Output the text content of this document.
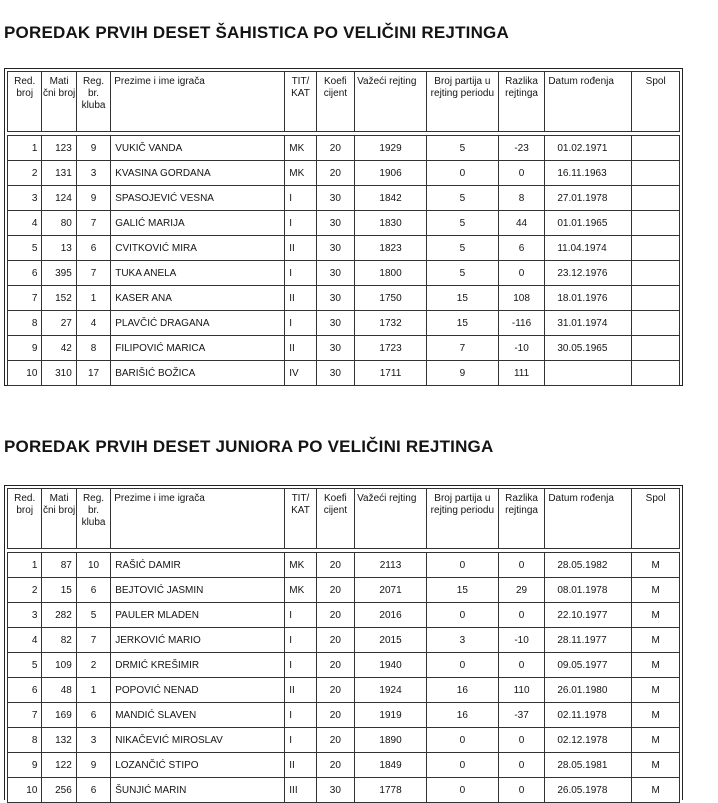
POREDAK PRVIH DESET ŠAHISTICA PO VELIČINI REJTINGA
Red. broj	Mati čni broj	Reg. br. kluba	Prezime i ime igrača	TIT/ KAT	Koefi cijent	Važeći rejting	Broj partija u rejting periodu	Razlika rejtinga	Datum rođenja	Spol

1	123	9	VUKIČ VANDA	MK	20	1929	5	-23	01.02.1971	
2	131	3	KVASINA GORDANA	MK	20	1906	0	0	16.11.1963	
3	124	9	SPASOJEVIĆ VESNA	I	30	1842	5	8	27.01.1978	
4	80	7	GALIĆ MARIJA	I	30	1830	5	44	01.01.1965	
5	13	6	CVITKOVIĆ MIRA	II	30	1823	5	6	11.04.1974	
6	395	7	TUKA ANELA	I	30	1800	5	0	23.12.1976	
7	152	1	KASER ANA	II	30	1750	15	108	18.01.1976	
8	27	4	PLAVČIĆ DRAGANA	I	30	1732	15	-116	31.01.1974	
9	42	8	FILIPOVIĆ MARICA	II	30	1723	7	-10	30.05.1965	
10	310	17	BARIŠIĆ BOŽICA	IV	30	1711	9	111		
POREDAK PRVIH DESET JUNIORA PO VELIČINI REJTINGA
Red. broj	Mati čni broj	Reg. br. kluba	Prezime i ime igrača	TIT/ KAT	Koefi cijent	Važeći rejting	Broj partija u rejting periodu	Razlika rejtinga	Datum rođenja	Spol

1	87	10	RAŠIĆ DAMIR	MK	20	2113	0	0	28.05.1982	M
2	15	6	BEJTOVIĆ JASMIN	MK	20	2071	15	29	08.01.1978	M
3	282	5	PAULER MLADEN	I	20	2016	0	0	22.10.1977	M
4	82	7	JERKOVIĆ MARIO	I	20	2015	3	-10	28.11.1977	M
5	109	2	DRMIĆ KREŠIMIR	I	20	1940	0	0	09.05.1977	M
6	48	1	POPOVIĆ NENAD	II	20	1924	16	110	26.01.1980	M
7	169	6	MANDIĆ SLAVEN	I	20	1919	16	-37	02.11.1978	M
8	132	3	NIKAČEVIĆ MIROSLAV	I	20	1890	0	0	02.12.1978	M
9	122	9	LOZANČIĆ STIPO	II	20	1849	0	0	28.05.1981	M
10	256	6	ŠUNJIĆ MARIN	III	30	1778	0	0	26.05.1978	M
